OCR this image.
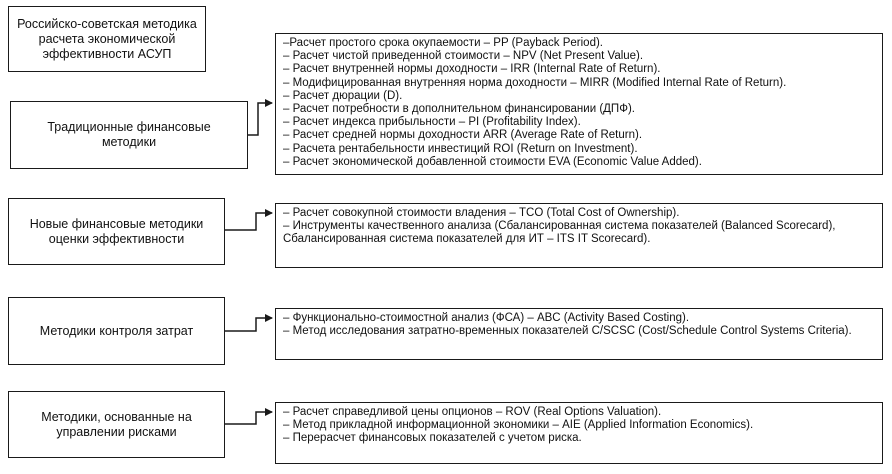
Российско-советская методика расчета экономической эффективности АСУП
Традиционные финансовые методики
Новые финансовые методики оценки эффективности
Методики контроля затрат
Методики, основанные на управлении рисками
–Расчет простого срока окупаемости – PP (Payback Period).
– Расчет чистой приведенной стоимости – NPV (Net Present Value).
– Расчет внутренней нормы доходности – IRR (Internal Rate of Return).
– Модифицированная внутренняя норма доходности – MIRR (Modified Internal Rate of Return).
– Расчет дюрации (D).
– Расчет потребности в дополнительном финансировании (ДПФ).
– Расчет индекса прибыльности – PI (Profitability Index).
– Расчет средней нормы доходности ARR (Average Rate of Return).
– Расчета рентабельности инвестиций ROI (Return on Investment).
– Расчет экономической добавленной стоимости EVA (Economic Value Added).
– Расчет совокупной стоимости владения – TCO (Total Cost of Ownership).
– Инструменты качественного анализа (Сбалансированная система показателей (Balanced Scorecard), Сбалансированная система показателей для ИТ – ITS IT Scorecard).
– Функционально-стоимостной анализ (ФСА) – ABC (Activity Based Costing).
– Метод исследования затратно-временных показателей C/SCSC (Cost/Schedule Control Systems Criteria).
– Расчет справедливой цены опционов – ROV (Real Options Valuation).
– Метод прикладной информационной экономики – AIE (Applied Information Economics).
– Перерасчет финансовых показателей с учетом риска.
